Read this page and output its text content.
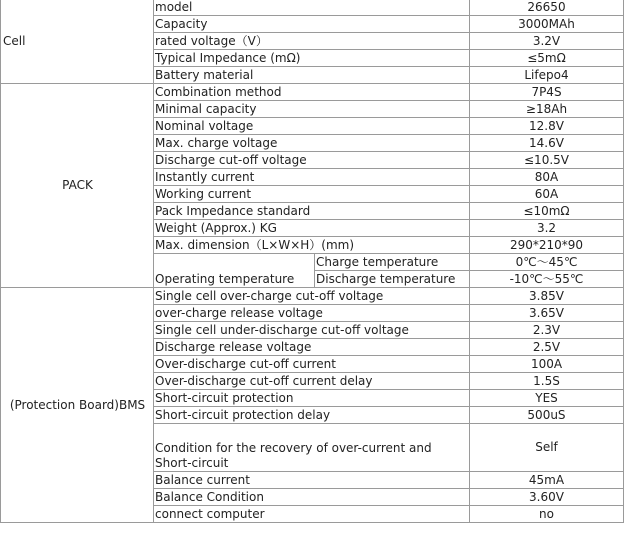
Cell	model		26650
	Capacity		3000MAh
	rated voltage（V）		3.2V
	Typical Impedance (mΩ)		≤5mΩ
	Battery material		Lifepo4
PACK	Combination method		7P4S
	Minimal capacity		≥18Ah
	Nominal voltage		12.8V
	Max. charge voltage		14.6V
	Discharge cut-off voltage		≤10.5V
	Instantly current		80A
	Working current		60A
	Pack Impedance standard		≤10mΩ
	Weight (Approx.) KG		3.2
	Max. dimension（L×W×H）(mm)		290*210*90
	Operating temperature	Charge temperature	0℃～45℃
		Discharge temperature	-10℃～55℃
(Protection Board)BMS	Single cell over-charge cut-off voltage		3.85V
	over-charge release voltage		3.65V
	Single cell under-discharge cut-off voltage		2.3V
	Discharge release voltage		2.5V
	Over-discharge cut-off current		100A
	Over-discharge cut-off current delay		1.5S
	Short-circuit protection		YES
	Short-circuit protection delay		500uS
	Condition for the recovery of over-current and Short-circuit		Self
	Balance current		45mA
	Balance Condition		3.60V
	connect computer		no
